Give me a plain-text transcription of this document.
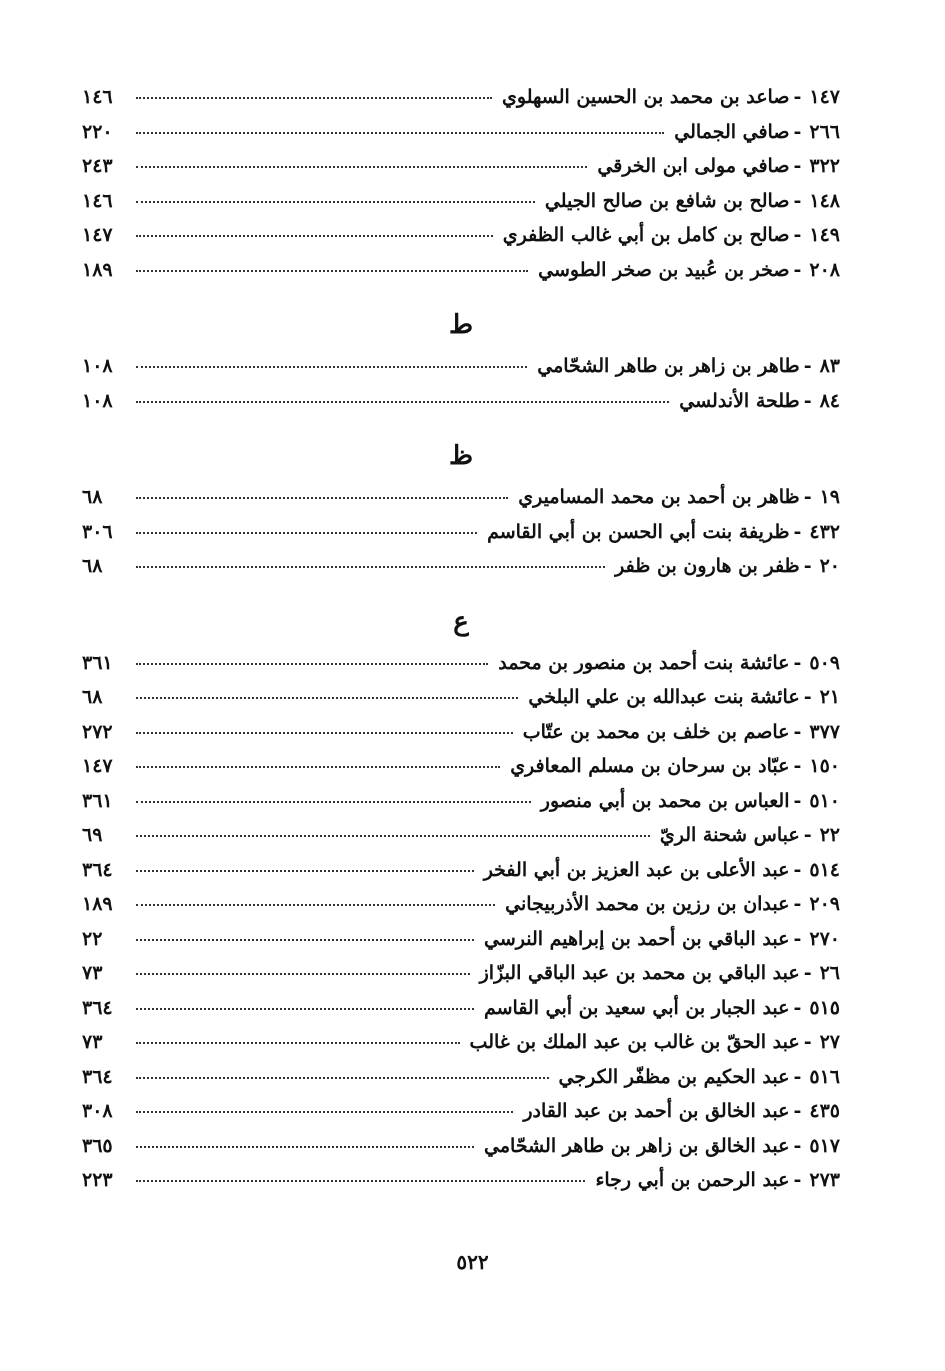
١٤٧
‐
صاعد بن محمد بن الحسين السهلوي
١٤٦
٢٦٦
‐
صافي الجمالي
٢٢٠
٣٢٢
‐
صافي مولى ابن الخرقي
٢٤٣
١٤٨
‐
صالح بن شافع بن صالح الجيلي
١٤٦
١٤٩
‐
صالح بن كامل بن أبي غالب الظفري
١٤٧
٢٠٨
‐
صخر بن عُبيد بن صخر الطوسي
١٨٩
ط
٨٣
‐
طاهر بن زاهر بن طاهر الشحّامي
١٠٨
٨٤
‐
طلحة الأندلسي
١٠٨
ظ
١٩
‐
ظاهر بن أحمد بن محمد المساميري
٦٨
٤٣٢
‐
ظريفة بنت أبي الحسن بن أبي القاسم
٣٠٦
٢٠
‐
ظفر بن هارون بن ظفر
٦٨
ع
٥٠٩
‐
عائشة بنت أحمد بن منصور بن محمد
٣٦١
٢١
‐
عائشة بنت عبدالله بن علي البلخي
٦٨
٣٧٧
‐
عاصم بن خلف بن محمد بن عتّاب
٢٧٢
١٥٠
‐
عبّاد بن سرحان بن مسلم المعافري
١٤٧
٥١٠
‐
العباس بن محمد بن أبي منصور
٣٦١
٢٢
‐
عباس شحنة الريّ
٦٩
٥١٤
‐
عبد الأعلى بن عبد العزيز بن أبي الفخر
٣٦٤
٢٠٩
‐
عبدان بن رزين بن محمد الأذربيجاني
١٨٩
٢٧٠
‐
عبد الباقي بن أحمد بن إبراهيم النرسي
٢٢
٢٦
‐
عبد الباقي بن محمد بن عبد الباقي البزّاز
٧٣
٥١٥
‐
عبد الجبار بن أبي سعيد بن أبي القاسم
٣٦٤
٢٧
‐
عبد الحقّ بن غالب بن عبد الملك بن غالب
٧٣
٥١٦
‐
عبد الحكيم بن مظفّر الكرجي
٣٦٤
٤٣٥
‐
عبد الخالق بن أحمد بن عبد القادر
٣٠٨
٥١٧
‐
عبد الخالق بن زاهر بن طاهر الشحّامي
٣٦٥
٢٧٣
‐
عبد الرحمن بن أبي رجاء
٢٢٣
٥٢٢
